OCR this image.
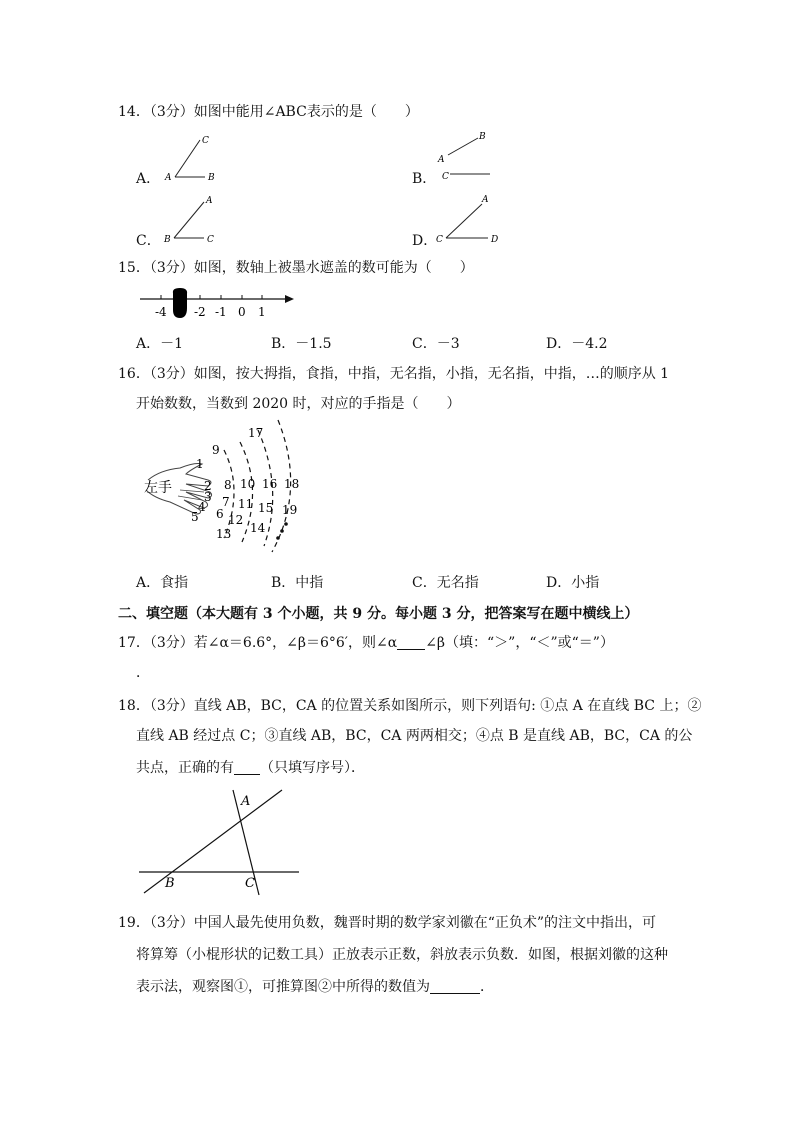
14．（3分）如图中能用∠ABC表示的是（　　）
A．
C
A	B	B．
B
A
C
C．
A
B	C	D．
A
C	D
15．（3分）如图，数轴上被墨水遮盖的数可能为（　　）
-4 -2 -1 0 1
A．－1	B．－1.5	C．－3	D．－4.2
16．（3分）如图，按大拇指，食指，中指，无名指，小指，无名指，中指，…的顺序从 1
开始数数，当数到 2020 时，对应的手指是（　　）
左手
1
2
3
4
5 6
7
8
9
10
11
12
13 14
15
16
17
18
19
A．食指	B．中指	C．无名指	D．小指
二、填空题（本大题有 3 个小题，共 9 分。每小题 3 分，把答案写在题中横线上）
17．（3分）若∠α＝6.6°，∠β＝6°6′，则∠α ∠β（填：“＞”，“＜”或“＝”）
．
18．（3分）直线 AB，BC，CA 的位置关系如图所示，则下列语句: ①点 A 在直线 BC 上；②
直线 AB 经过点 C；③直线 AB，BC，CA 两两相交；④点 B 是直线 AB，BC，CA 的公
共点，正确的有 （只填写序号）．
A
B	C
19．（3分）中国人最先使用负数，魏晋时期的数学家刘徽在“正负术”的注文中指出，可
将算筹（小棍形状的记数工具）正放表示正数，斜放表示负数．如图，根据刘徽的这种
表示法，观察图①，可推算图②中所得的数值为	．
